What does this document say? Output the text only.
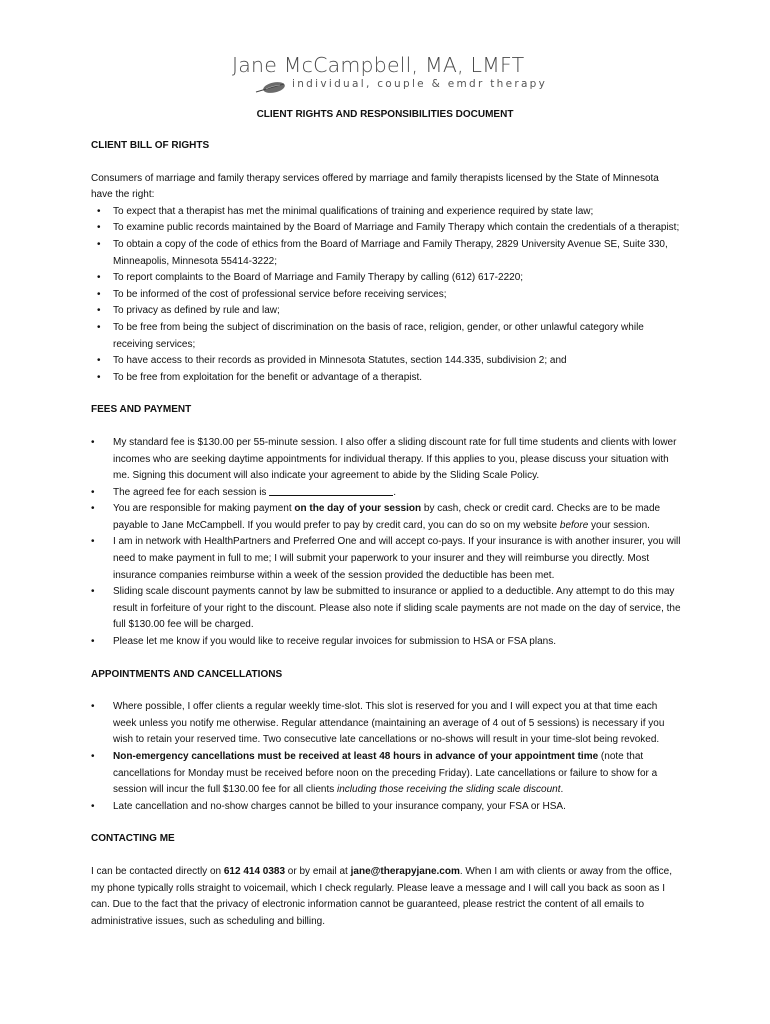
Jane McCampbell, MA, LMFT
individual, couple & emdr therapy
CLIENT RIGHTS AND RESPONSIBILITIES DOCUMENT

CLIENT BILL OF RIGHTS

Consumers of marriage and family therapy services offered by marriage and family therapists licensed by the State of Minnesota have the right:

• To expect that a therapist has met the minimal qualifications of training and experience required by state law;
• To examine public records maintained by the Board of Marriage and Family Therapy which contain the credentials of a therapist;
• To obtain a copy of the code of ethics from the Board of Marriage and Family Therapy, 2829 University Avenue SE, Suite 330, Minneapolis, Minnesota 55414-3222;
• To report complaints to the Board of Marriage and Family Therapy by calling (612) 617-2220;
• To be informed of the cost of professional service before receiving services;
• To privacy as defined by rule and law;
• To be free from being the subject of discrimination on the basis of race, religion, gender, or other unlawful category while receiving services;
• To have access to their records as provided in Minnesota Statutes, section 144.335, subdivision 2; and
• To be free from exploitation for the benefit or advantage of a therapist.

FEES AND PAYMENT

• My standard fee is $130.00 per 55-minute session. I also offer a sliding discount rate for full time students and clients with lower incomes who are seeking daytime appointments for individual therapy. If this applies to you, please discuss your situation with me. Signing this document will also indicate your agreement to abide by the Sliding Scale Policy.
• The agreed fee for each session is	.
• You are responsible for making payment on the day of your session by cash, check or credit card. Checks are to be made payable to Jane McCampbell. If you would prefer to pay by credit card, you can do so on my website before your session.
• I am in network with HealthPartners and Preferred One and will accept co-pays. If your insurance is with another insurer, you will need to make payment in full to me; I will submit your paperwork to your insurer and they will reimburse you directly. Most insurance companies reimburse within a week of the session provided the deductible has been met.
• Sliding scale discount payments cannot by law be submitted to insurance or applied to a deductible. Any attempt to do this may result in forfeiture of your right to the discount. Please also note if sliding scale payments are not made on the day of service, the full $130.00 fee will be charged.
• Please let me know if you would like to receive regular invoices for submission to HSA or FSA plans.

APPOINTMENTS AND CANCELLATIONS

• Where possible, I offer clients a regular weekly time-slot. This slot is reserved for you and I will expect you at that time each week unless you notify me otherwise. Regular attendance (maintaining an average of 4 out of 5 sessions) is necessary if you wish to retain your reserved time. Two consecutive late cancellations or no-shows will result in your time-slot being revoked.
• Non-emergency cancellations must be received at least 48 hours in advance of your appointment time (note that cancellations for Monday must be received before noon on the preceding Friday). Late cancellations or failure to show for a session will incur the full $130.00 fee for all clients including those receiving the sliding scale discount.
• Late cancellation and no-show charges cannot be billed to your insurance company, your FSA or HSA.

CONTACTING ME

I can be contacted directly on 612 414 0383 or by email at jane@therapyjane.com. When I am with clients or away from the office, my phone typically rolls straight to voicemail, which I check regularly. Please leave a message and I will call you back as soon as I can. Due to the fact that the privacy of electronic information cannot be guaranteed, please restrict the content of all emails to administrative issues, such as scheduling and billing.
